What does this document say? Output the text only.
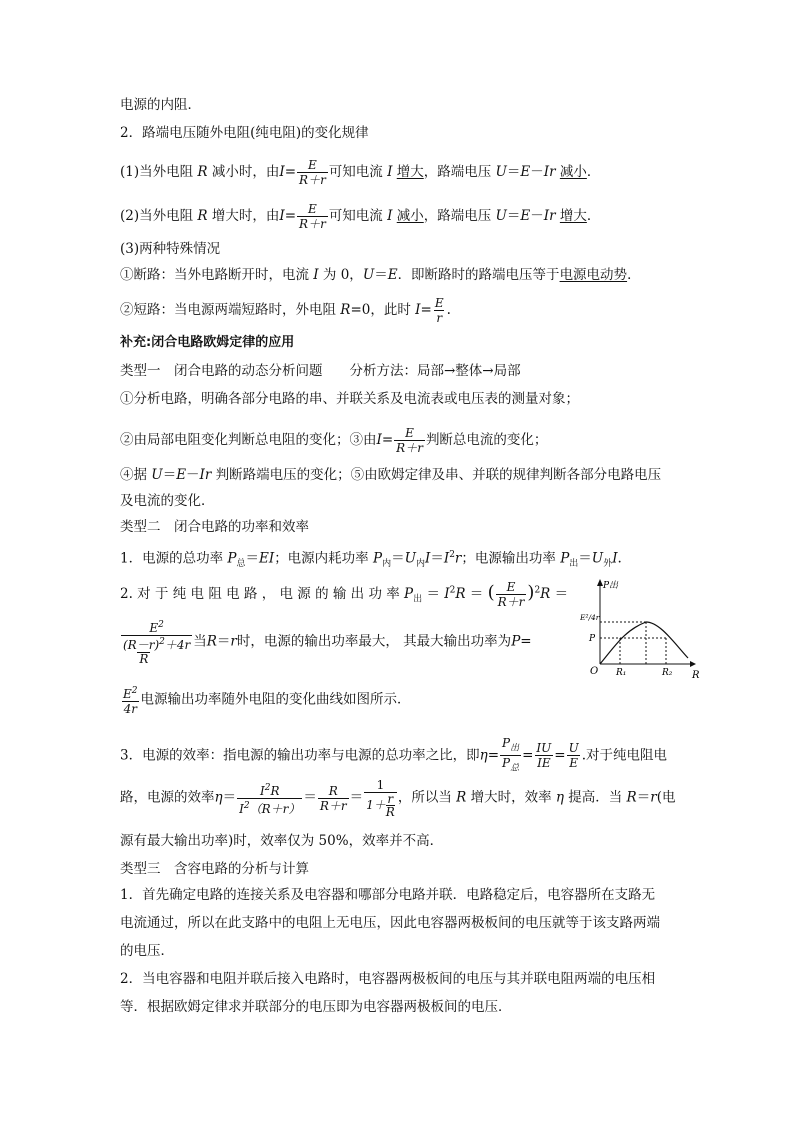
电源的内阻．
2．路端电压随外电阻(纯电阻)的变化规律
(1)当外电阻 R 减小时，由$I= \frac{E}{R+r}$ 可知电流 I 增大，路端电压 U＝E－Ir 减小．
(2)当外电阻 R 增大时，由$I= \frac{E}{R+r}$ 可知电流 I 减小，路端电压 U＝E－Ir 增大．
(3)两种特殊情况
①断路：当外电路断开时，电流 I 为 0，U＝E．即断路时的路端电压等于电源电动势．
②短路：当电源两端短路时，外电阻 R=0，此时 $I= \frac{E}{r}$ .
补充:闭合电路欧姆定律的应用
类型一　闭合电路的动态分析问题　　分析方法：局部→整体→局部
①分析电路，明确各部分电路的串、并联关系及电流表或电压表的测量对象；
②由局部电阻变化判断总电阻的变化；③由$I= \frac{E}{R+r}$ 判断总电流的变化；
④据 U＝E－Ir 判断路端电压的变化；⑤由欧姆定律及串、并联的规律判断各部分电路电压
及电流的变化．
类型二　闭合电路的功率和效率
1．电源的总功率 $P_总=EI$；电源内耗功率 $P_内=U_内I=I^2r$；电源输出功率 $P_出=U_外I$.
2. 对 于 纯 电 阻 电 路 ， 电 源 的 输 出 功 率 $P_出 = I^2R$ ＝ ( $\frac{E}{R+r} )^2R$ ＝
$\frac{E^2}{\frac{(R-r)^2}{R} +4r}$ 当R＝r时，电源的输出功率最大， 其最大输出功率为P=
$\frac{E^2}{4r}$ 电源输出功率随外电阻的变化曲线如图所示．
3．电源的效率：指电源的输出功率与电源的总功率之比，即$\eta= \frac{P_出}{P_总} = \frac{IU}{IE} = \frac{U}{E}$ .对于纯电阻电
路，电源的效率$\eta= \frac{I^2R}{I^2(R+r)} = \frac{R}{R+r} = \frac{1}{1+ \frac{r}{R}}$ ，所以当 R 增大时，效率 η 提高．当 R＝r(电
源有最大输出功率)时，效率仅为 50%，效率并不高．
类型三　含容电路的分析与计算
1．首先确定电路的连接关系及电容器和哪部分电路并联．电路稳定后，电容器所在支路无
电流通过，所以在此支路中的电阻上无电压，因此电容器两极板间的电压就等于该支路两端
的电压．
2．当电容器和电阻并联后接入电路时，电容器两极板间的电压与其并联电阻两端的电压相
等．根据欧姆定律求并联部分的电压即为电容器两极板间的电压．
P出
R
O
E²/4r
P
R₁	R₂
